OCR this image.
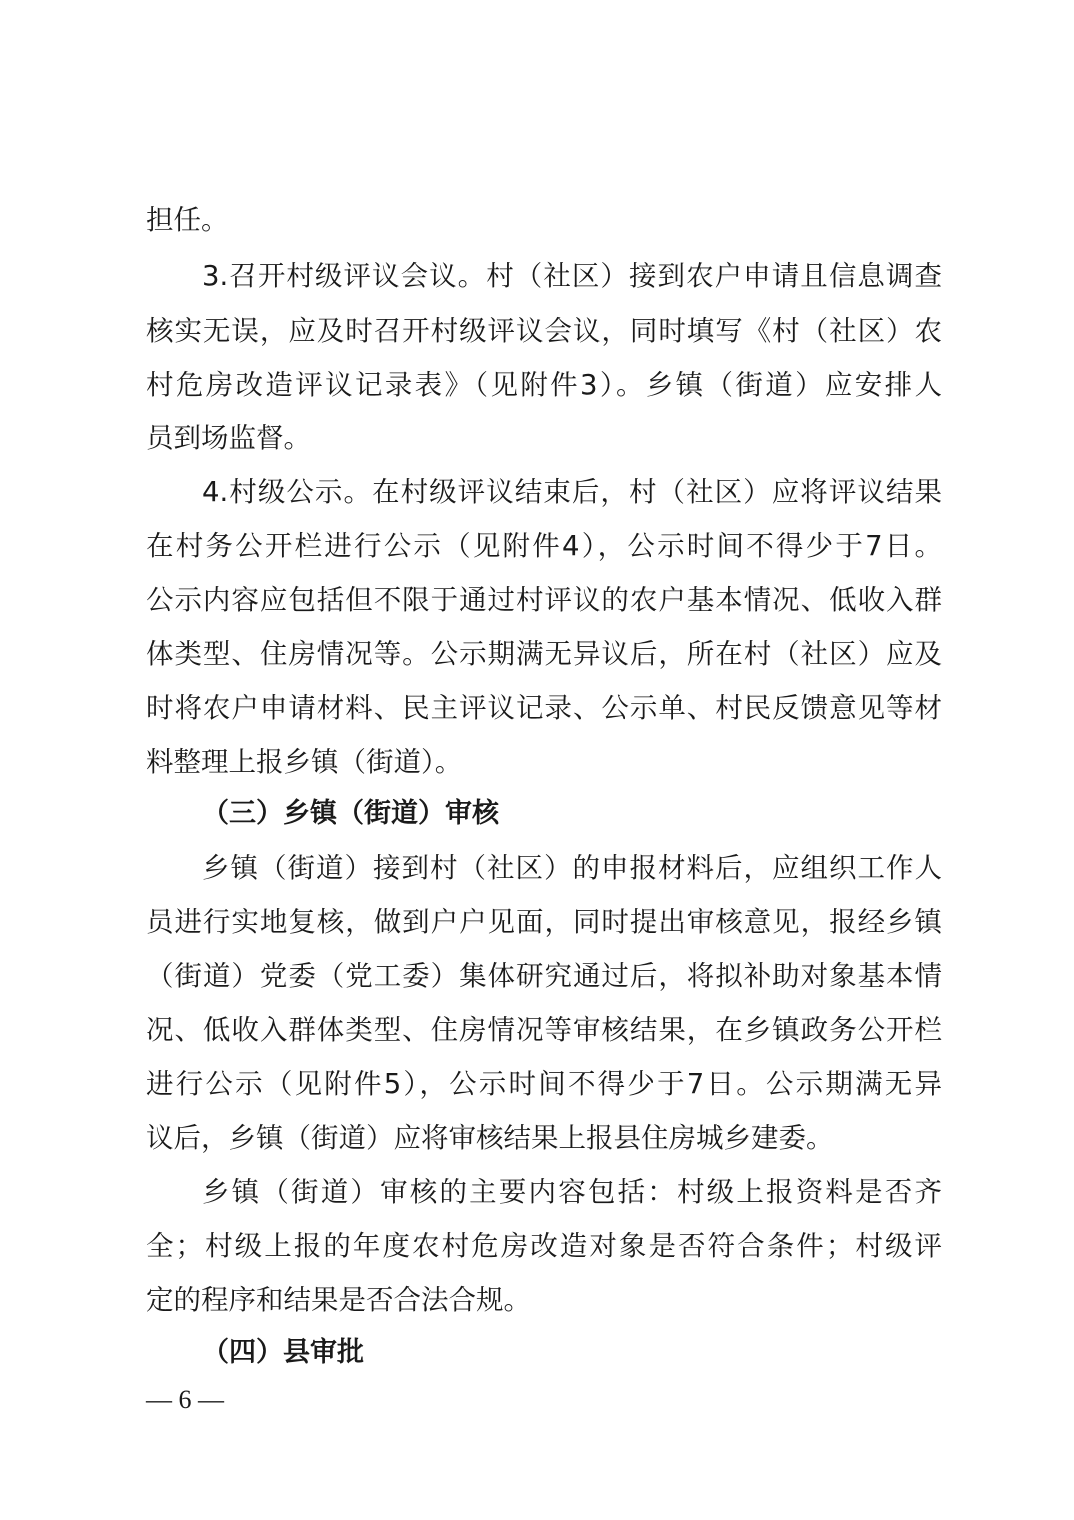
担任。
3.召开村级评议会议。村（社区）接到农户申请且信息调查
核实无误，应及时召开村级评议会议，同时填写《村（社区）农
村危房改造评议记录表》（见附件3）。乡镇（街道）应安排人
员到场监督。
4.村级公示。在村级评议结束后，村（社区）应将评议结果
在村务公开栏进行公示（见附件4），公示时间不得少于7日。
公示内容应包括但不限于通过村评议的农户基本情况、低收入群
体类型、住房情况等。公示期满无异议后，所在村（社区）应及
时将农户申请材料、民主评议记录、公示单、村民反馈意见等材
料整理上报乡镇（街道）。
（三）乡镇（街道）审核
乡镇（街道）接到村（社区）的申报材料后，应组织工作人
员进行实地复核，做到户户见面，同时提出审核意见，报经乡镇
（街道）党委（党工委）集体研究通过后，将拟补助对象基本情
况、低收入群体类型、住房情况等审核结果，在乡镇政务公开栏
进行公示（见附件5），公示时间不得少于7日。公示期满无异
议后，乡镇（街道）应将审核结果上报县住房城乡建委。
乡镇（街道）审核的主要内容包括：村级上报资料是否齐
全；村级上报的年度农村危房改造对象是否符合条件；村级评
定的程序和结果是否合法合规。
（四）县审批
— 6 —
